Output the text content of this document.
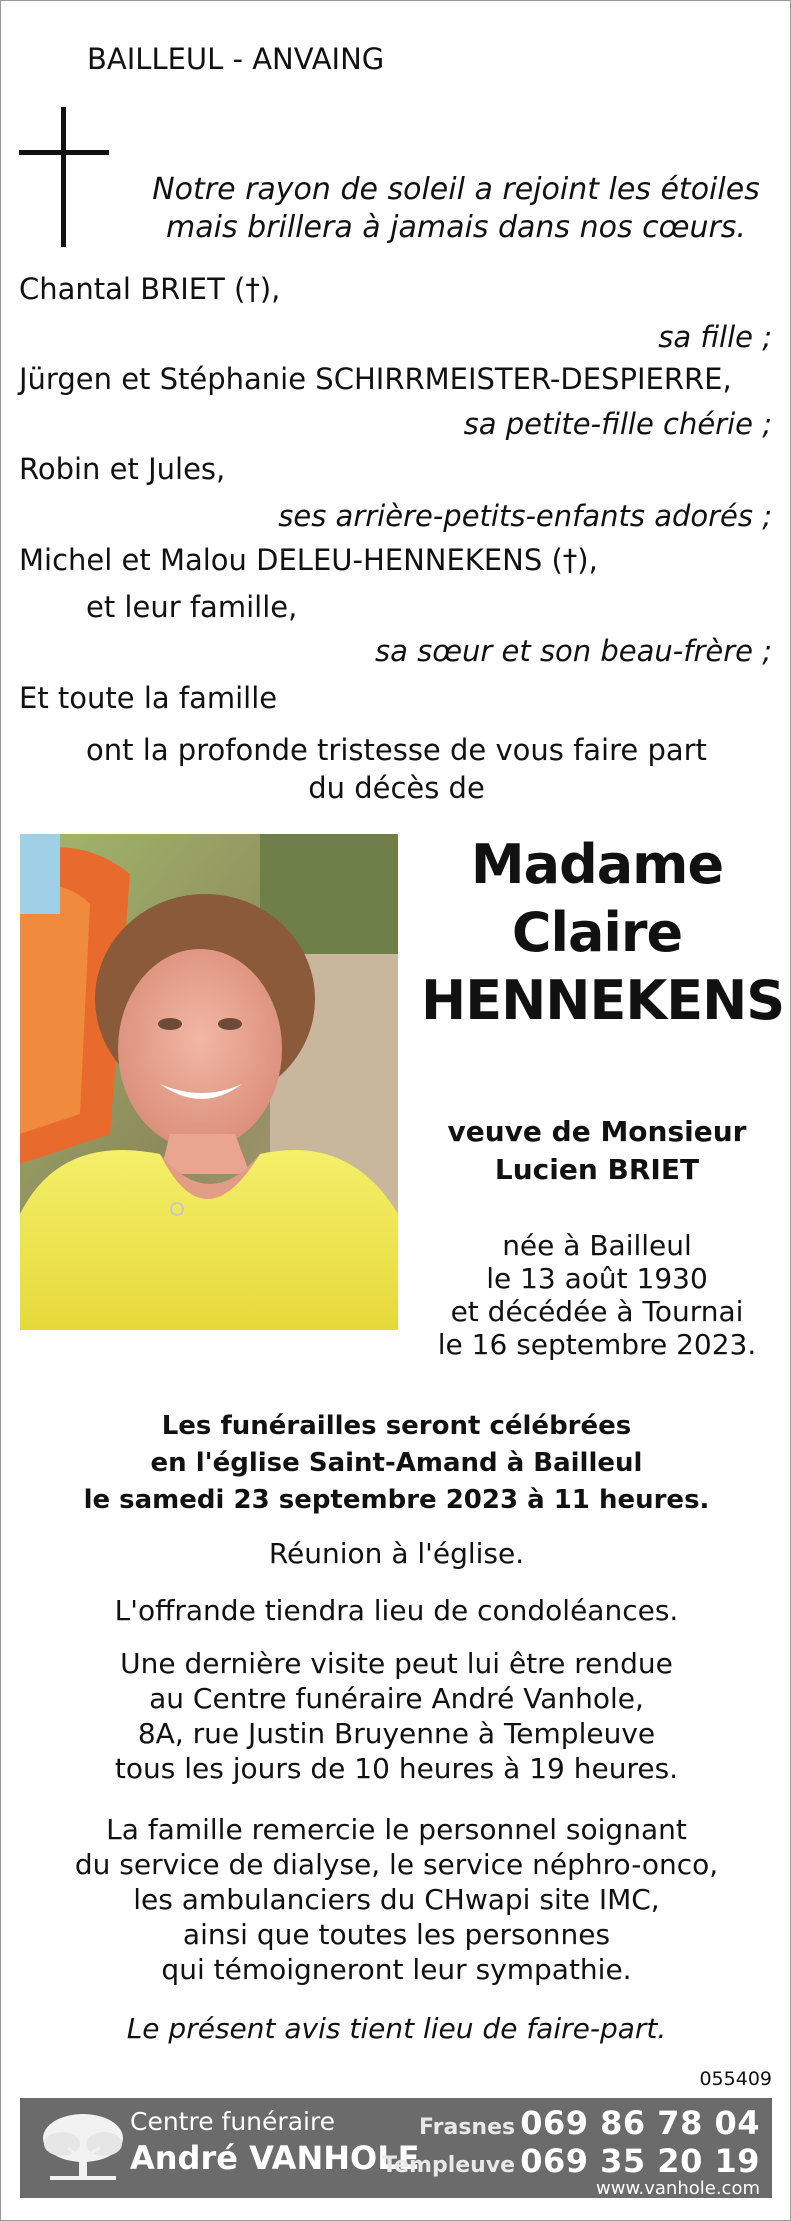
BAILLEUL - ANVAING

Notre rayon de soleil a rejoint les étoiles
mais brillera à jamais dans nos cœurs.

Chantal BRIET (†),

sa fille ;

Jürgen et Stéphanie SCHIRRMEISTER-DESPIERRE,

sa petite-fille chérie ;

Robin et Jules,

ses arrière-petits-enfants adorés ;

Michel et Malou DELEU-HENNEKENS (†),

et leur famille,

sa sœur et son beau-frère ;

Et toute la famille

ont la profonde tristesse de vous faire part

du décès de

Madame
Claire
HENNEKENS
veuve de Monsieur
Lucien BRIET
née à Bailleul
le 13 août 1930
et décédée à Tournai
le 16 septembre 2023.
Les funérailles seront célébrées
en l'église Saint-Amand à Bailleul
le samedi 23 septembre 2023 à 11 heures.

Réunion à l'église.

L'offrande tiendra lieu de condoléances.

Une dernière visite peut lui être rendue
au Centre funéraire André Vanhole,
8A, rue Justin Bruyenne à Templeuve
tous les jours de 10 heures à 19 heures.
La famille remercie le personnel soignant
du service de dialyse, le service néphro-onco,
les ambulanciers du CHwapi site IMC,
ainsi que toutes les personnes
qui témoigneront leur sympathie.

Le présent avis tient lieu de faire-part.

055409
Centre funéraire
André VANHOLE
Frasnes 069 86 78 04
Templeuve 069 35 20 19
www.vanhole.com
